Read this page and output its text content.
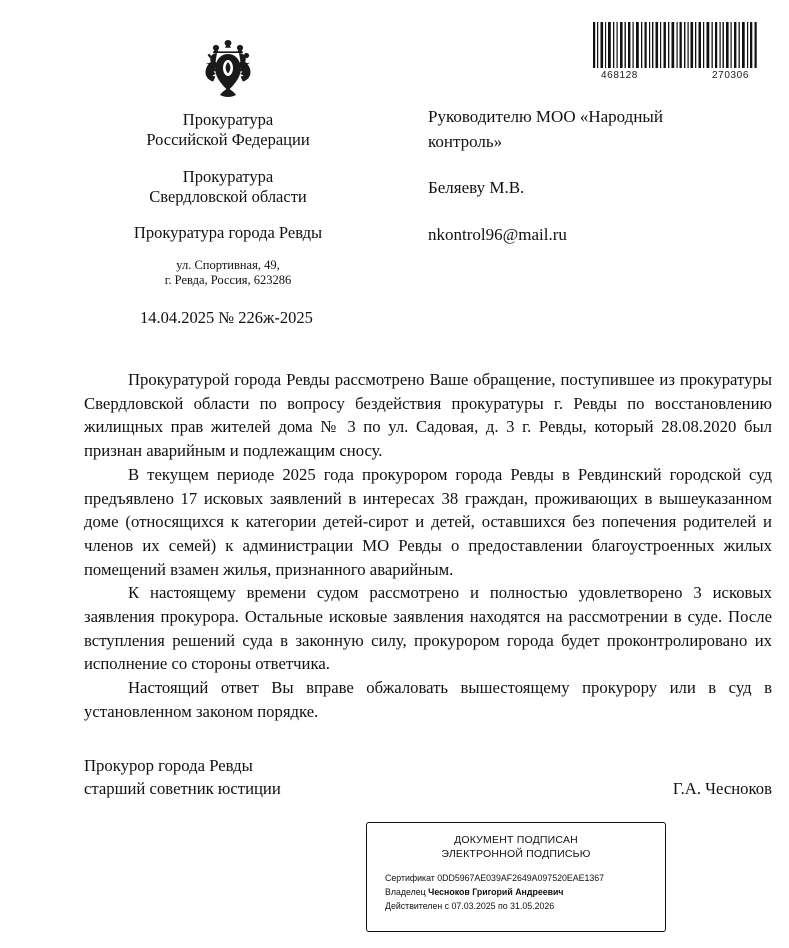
468128	270306
Прокуратура
Российской Федерации
Прокуратура
Свердловской области
Прокуратура города Ревды
ул. Спортивная, 49,
г. Ревда, Россия, 623286
14.04.2025 № 226ж-2025
Руководителю МОО «Народный контроль»
Беляеву М.В.
nkontrol96@mail.ru

Прокуратурой города Ревды рассмотрено Ваше обращение, поступившее из прокуратуры Свердловской области по вопросу бездействия прокуратуры г. Ревды по восстановлению жилищных прав жителей дома № 3 по ул. Садовая, д. 3 г. Ревды, который 28.08.2020 был признан аварийным и подлежащим сносу.

В текущем периоде 2025 года прокурором города Ревды в Ревдинский городской суд предъявлено 17 исковых заявлений в интересах 38 граждан, проживающих в вышеуказанном доме (относящихся к категории детей-сирот и детей, оставшихся без попечения родителей и членов их семей) к администрации МО Ревды о предоставлении благоустроенных жилых помещений взамен жилья, признанного аварийным.

К настоящему времени судом рассмотрено и полностью удовлетворено 3 исковых заявления прокурора. Остальные исковые заявления находятся на рассмотрении в суде. После вступления решений суда в законную силу, прокурором города будет проконтролировано их исполнение со стороны ответчика.

Настоящий ответ Вы вправе обжаловать вышестоящему прокурору или в суд в установленном законом порядке.

Прокурор города Ревды
старший советник юстиции	Г.А. Чесноков
ДОКУМЕНТ ПОДПИСАН
ЭЛЕКТРОННОЙ ПОДПИСЬЮ
Сертификат 0DD5967AE039AF2649A097520EAE1367
Владелец Чесноков Григорий Андреевич
Действителен с 07.03.2025 по 31.05.2026
